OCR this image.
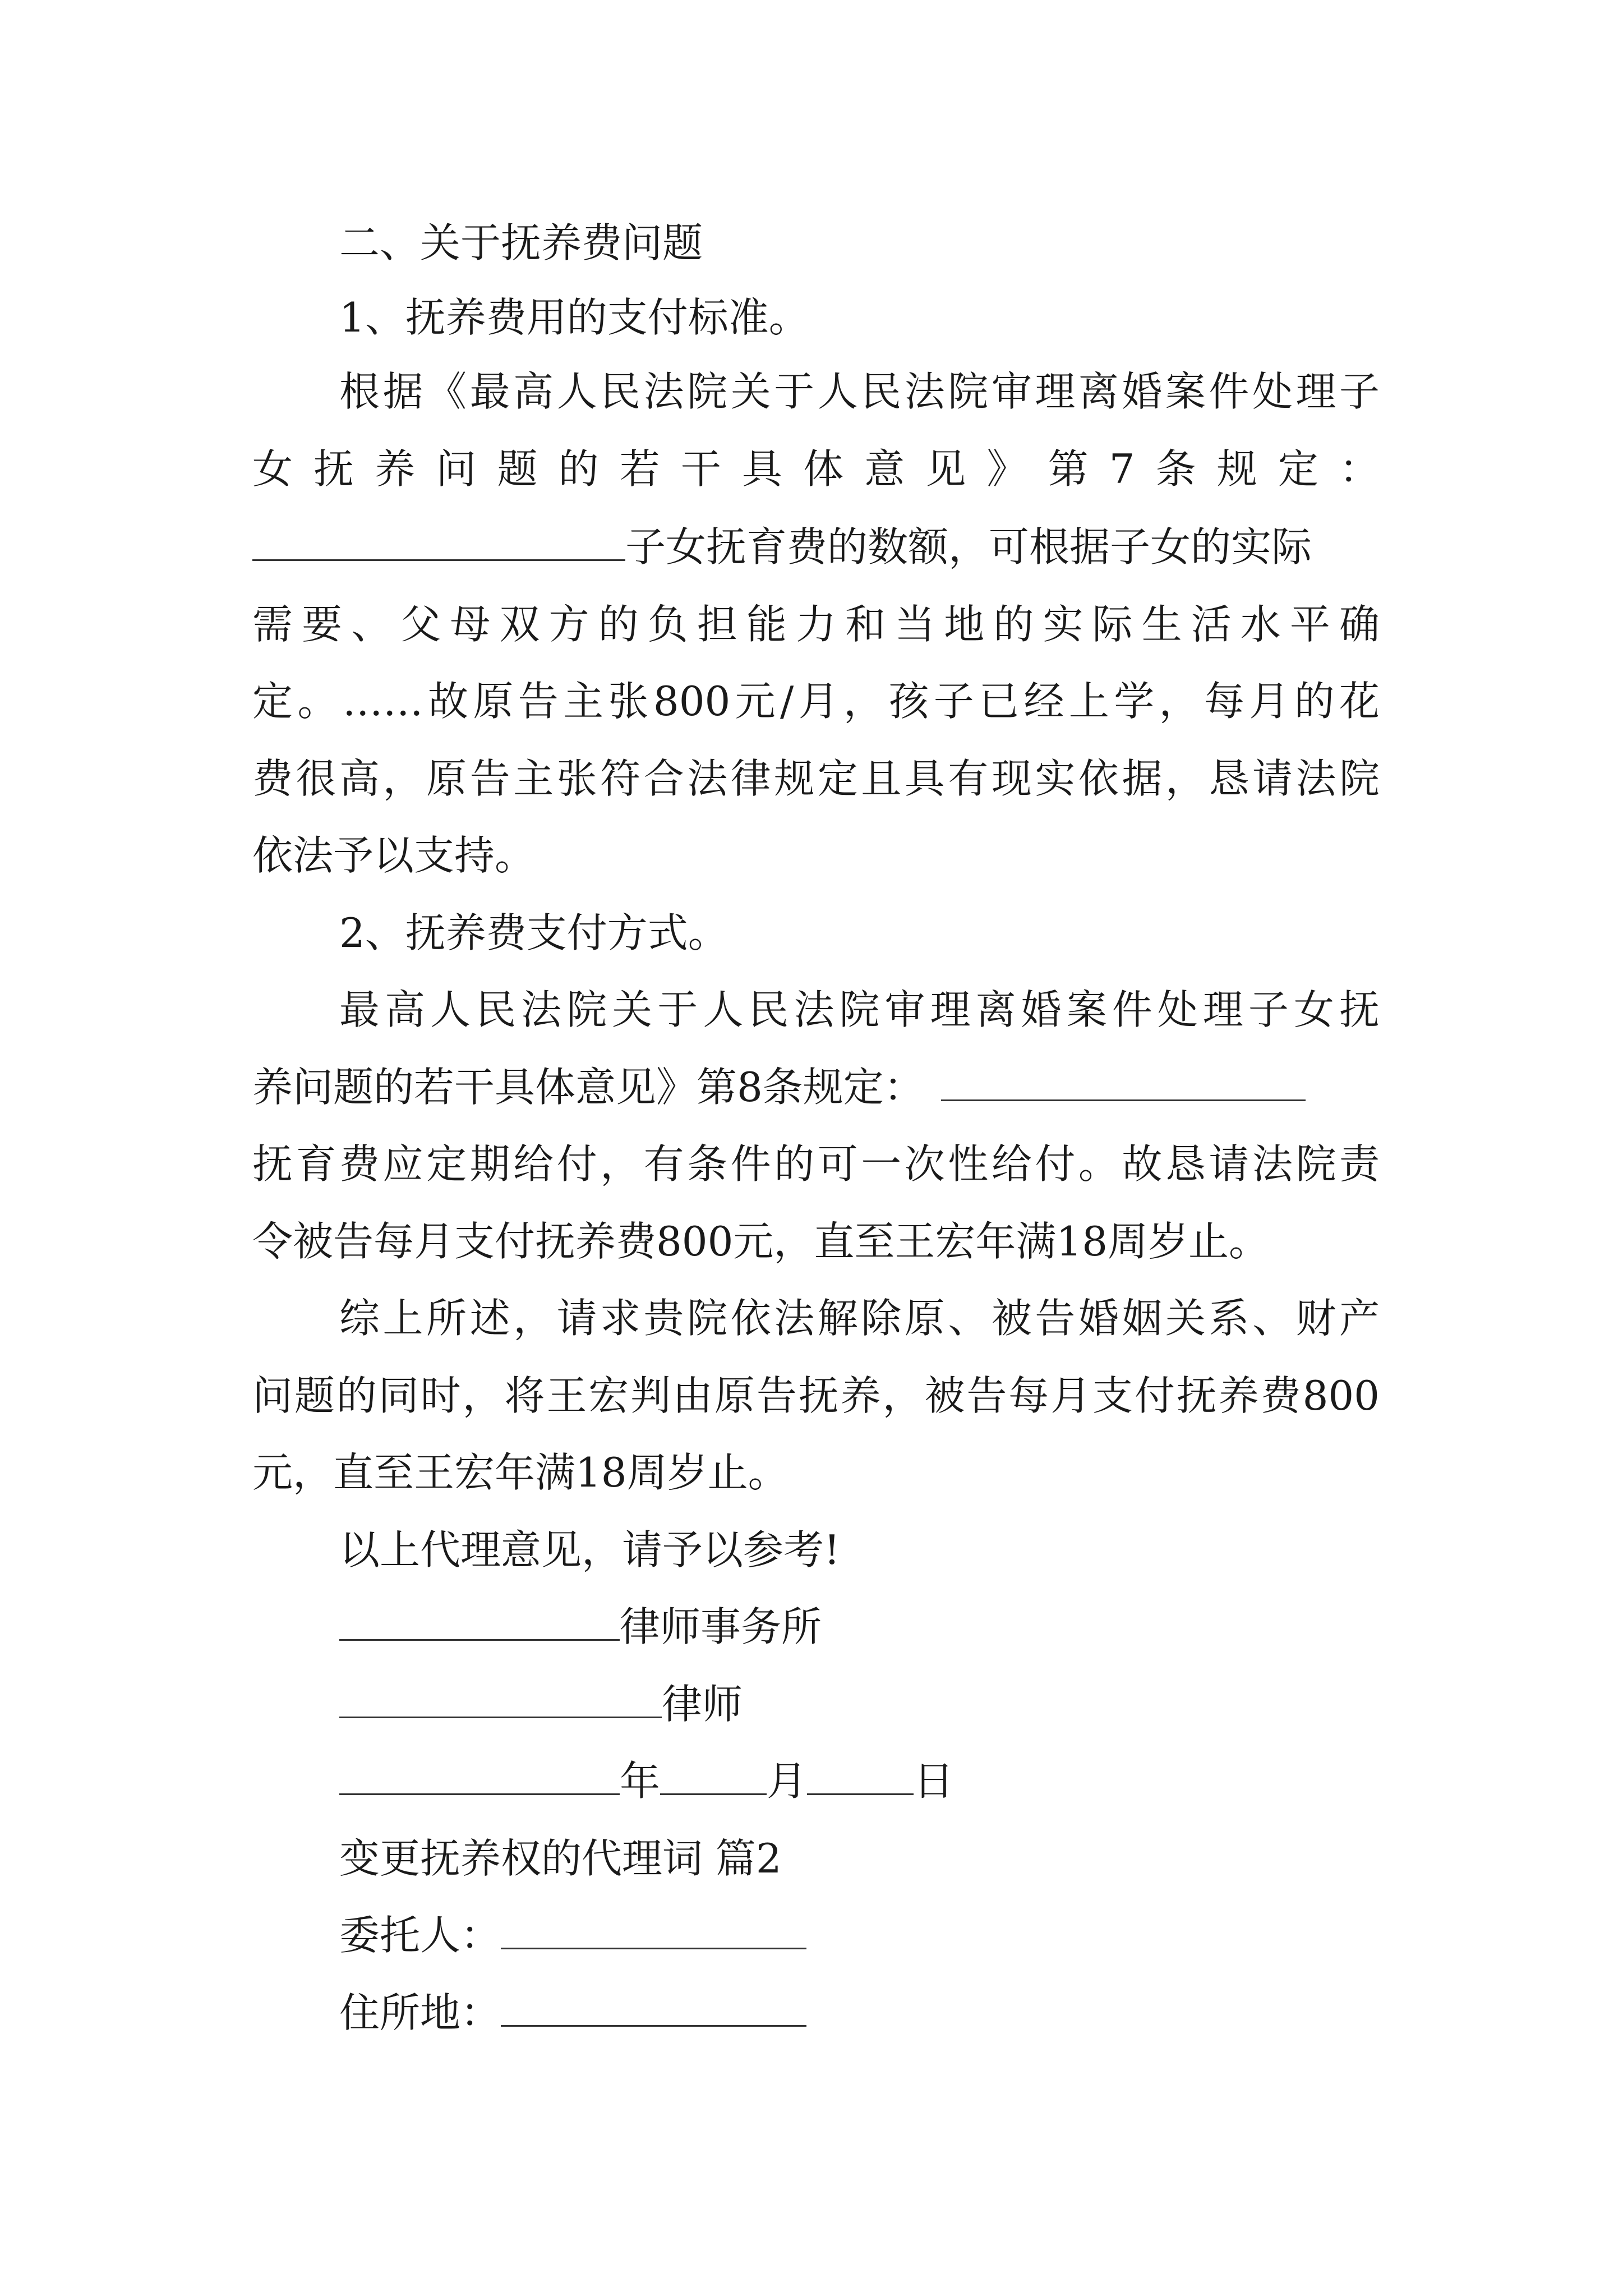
二、关于抚养费问题
1、抚养费用的支付标准。
根据《最高人民法院关于人民法院审理离婚案件处理子
女抚养问题的若干具体意见》第7条规定：
子女抚育费的数额，可根据子女的实际
需要、父母双方的负担能力和当地的实际生活水平确
定。……故原告主张800元/月，孩子已经上学，每月的花
费很高，原告主张符合法律规定且具有现实依据，恳请法院
依法予以支持。
2、抚养费支付方式。
最高人民法院关于人民法院审理离婚案件处理子女抚
养问题的若干具体意见》第8条规定：
抚育费应定期给付，有条件的可一次性给付。故恳请法院责
令被告每月支付抚养费800元，直至王宏年满18周岁止。
综上所述，请求贵院依法解除原、被告婚姻关系、财产
问题的同时，将王宏判由原告抚养，被告每月支付抚养费800
元，直至王宏年满18周岁止。
以上代理意见，请予以参考!
律师事务所
律师
年	月	日
变更抚养权的代理词 篇2
委托人：
住所地：
